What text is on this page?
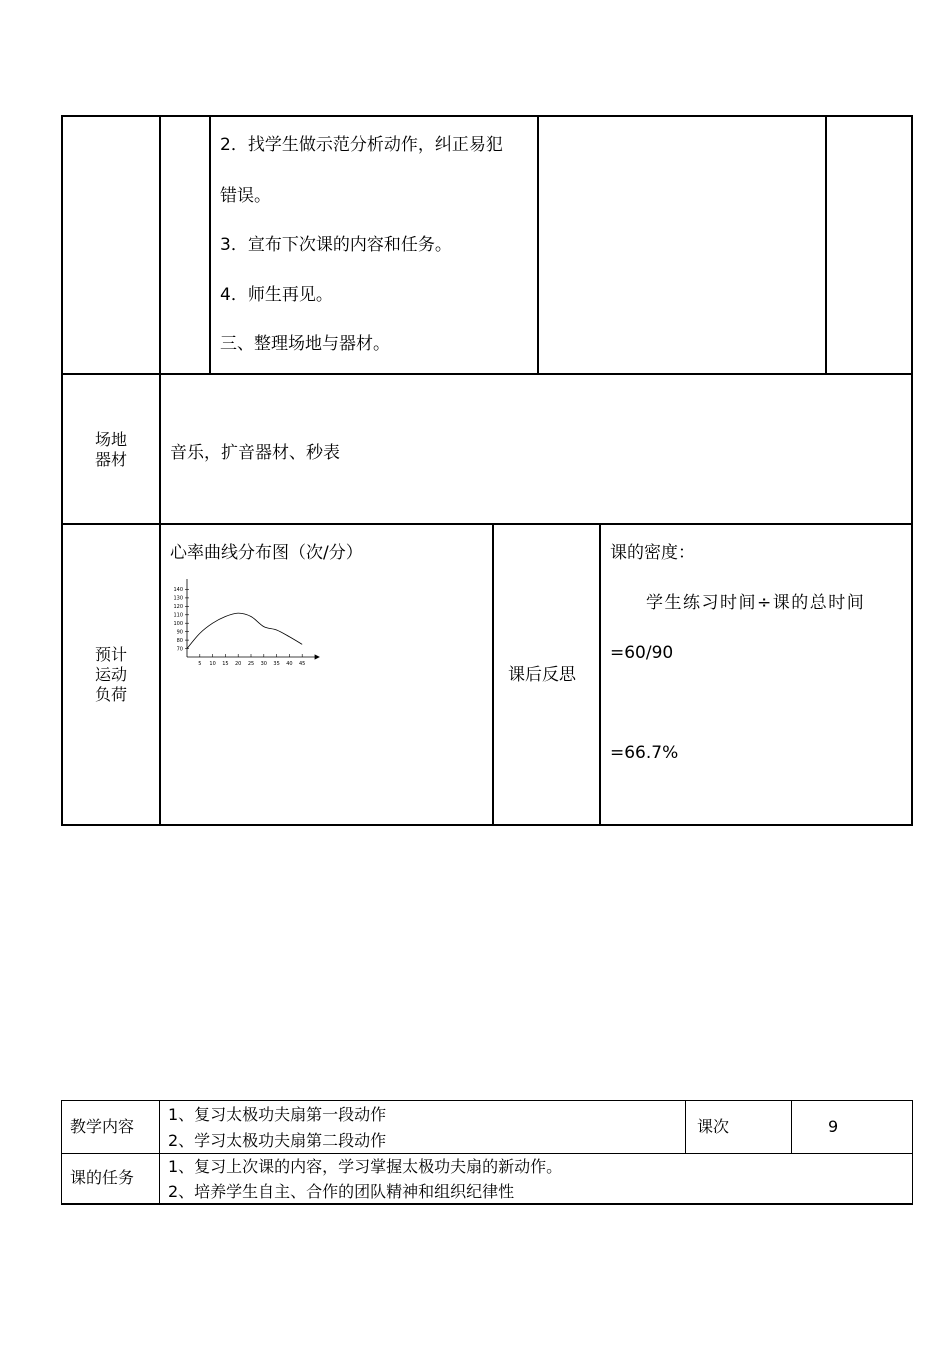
2．找学生做示范分析动作，纠正易犯
错误。
3．宣布下次课的内容和任务。
4．师生再见。
三、整理场地与器材。
场地
器材	音乐，扩音器材、秒表
预计
运动
负荷
心率曲线分布图（次/分）
70
80
90
100
110
120
130
140
5 10 15 20 25 30 35 40 45
课后反思
课的密度：
学生练习时间÷课的总时间
=60/90
=66.7%
教学内容
1、复习太极功夫扇第一段动作
2、学习太极功夫扇第二段动作
课次	9
课的任务
1、复习上次课的内容，学习掌握太极功夫扇的新动作。
2、培养学生自主、合作的团队精神和组织纪律性
